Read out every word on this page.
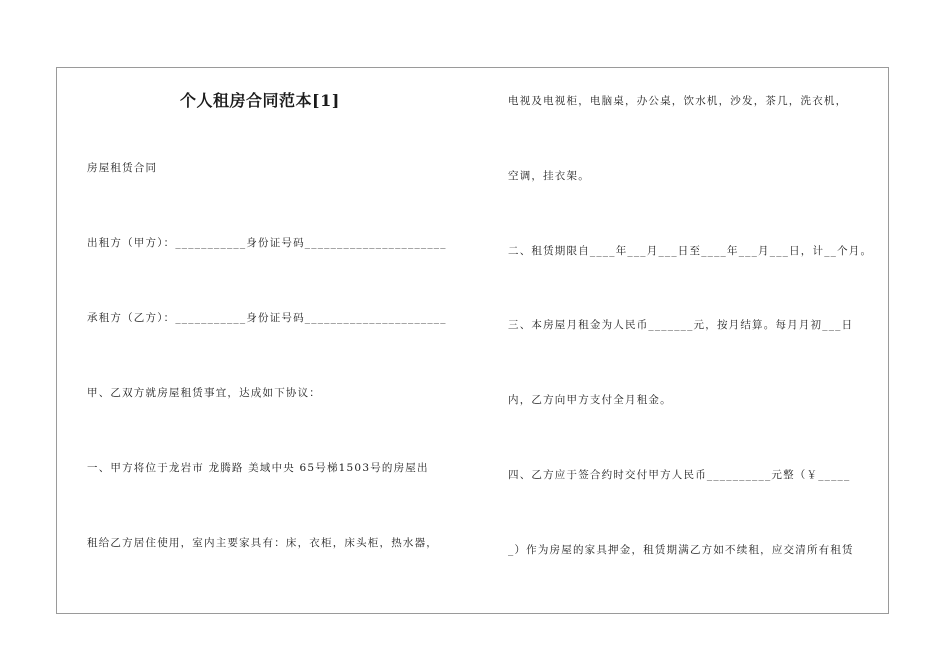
个人租房合同范本[1]
房屋租赁合同
出租方（甲方）：___________身份证号码______________________
承租方（乙方）：___________身份证号码______________________
甲、乙双方就房屋租赁事宜，达成如下协议：
一、甲方将位于龙岩市 龙腾路 美域中央 65号梯1503号的房屋出
租给乙方居住使用，室内主要家具有：床，衣柜，床头柜，热水器，
电视及电视柜，电脑桌，办公桌，饮水机，沙发，茶几，洗衣机，
空调，挂衣架。
二、租赁期限自____年___月___日至____年___月___日，计__个月。
三、本房屋月租金为人民币_______元，按月结算。每月月初___日
内，乙方向甲方支付全月租金。
四、乙方应于签合约时交付甲方人民币__________元整（￥_____
_）作为房屋的家具押金，租赁期满乙方如不续租，应交清所有租赁
